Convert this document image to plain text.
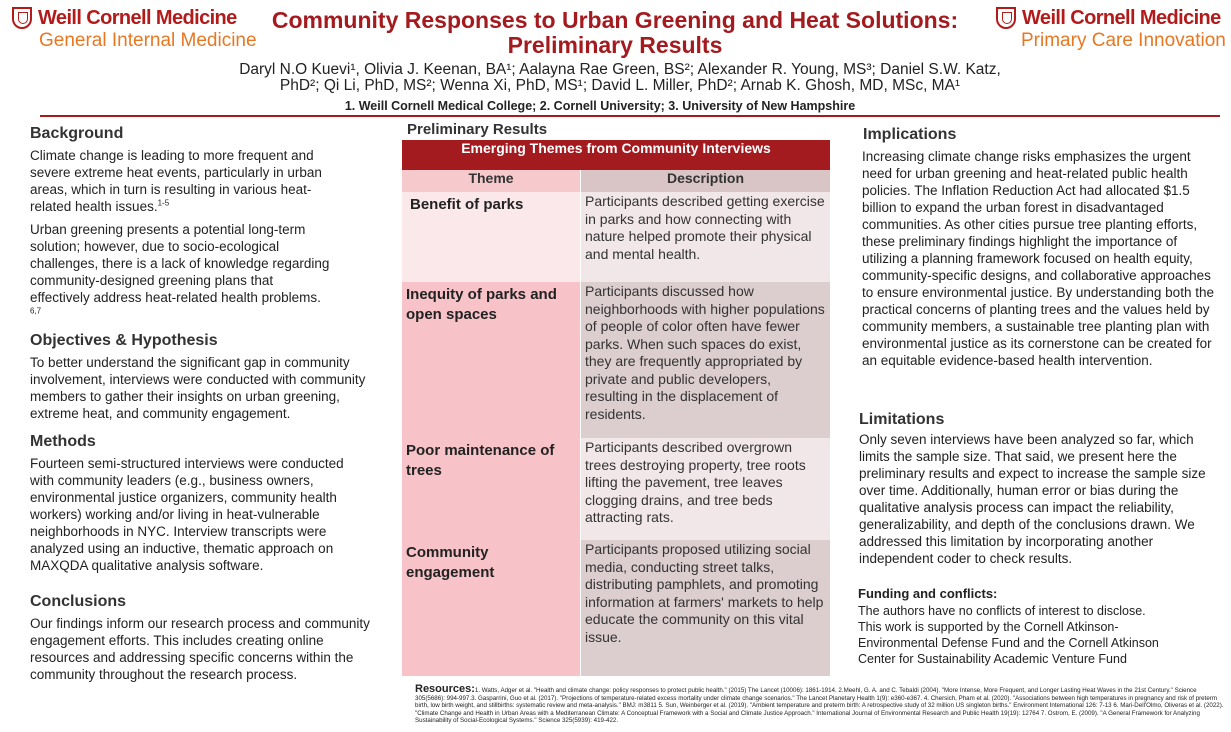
Weill Cornell Medicine
General Internal Medicine
Weill Cornell Medicine
Primary Care Innovation
Community Responses to Urban Greening and Heat Solutions:
Preliminary Results
Daryl N.O Kuevi¹, Olivia J. Keenan, BA¹; Aalayna Rae Green, BS²; Alexander R. Young, MS³; Daniel S.W. Katz,
PhD²; Qi Li, PhD, MS²; Wenna Xi, PhD, MS¹; David L. Miller, PhD²; Arnab K. Ghosh, MD, MSc, MA¹
1. Weill Cornell Medical College; 2. Cornell University; 3. University of New Hampshire
Background
Climate change is leading to more frequent and severe extreme heat events, particularly in urban areas, which in turn is resulting in various heat-related health issues.$^{1-5}$
Urban greening presents a potential long-term solution; however, due to socio-ecological challenges, there is a lack of knowledge regarding community-designed greening plans that effectively address heat-related health problems. $^{6,7}$
Objectives & Hypothesis
To better understand the significant gap in community involvement, interviews were conducted with community members to gather their insights on urban greening, extreme heat, and community engagement.
Methods
Fourteen semi-structured interviews were conducted with community leaders (e.g., business owners, environmental justice organizers, community health workers) working and/or living in heat-vulnerable neighborhoods in NYC. Interview transcripts were analyzed using an inductive, thematic approach on MAXQDA qualitative analysis software.
Conclusions
Our findings inform our research process and community engagement efforts. This includes creating online resources and addressing specific concerns within the community throughout the research process.
Preliminary Results
Emerging Themes from Community Interviews	
Theme	Description

Benefit of parks	Participants described getting exercise in parks and how connecting with nature helped promote their physical and mental health.

Inequity of parks and open spaces	Participants discussed how neighborhoods with higher populations of people of color often have fewer parks. When such spaces do exist, they are frequently appropriated by private and public developers, resulting in the displacement of residents.

Poor maintenance of trees	Participants described overgrown trees destroying property, tree roots lifting the pavement, tree leaves clogging drains, and tree beds attracting rats.

Community engagement	Participants proposed utilizing social media, conducting street talks, distributing pamphlets, and promoting information at farmers' markets to help educate the community on this vital issue.
Implications
Increasing climate change risks emphasizes the urgent need for urban greening and heat-related public health policies. The Inflation Reduction Act had allocated $1.5 billion to expand the urban forest in disadvantaged communities. As other cities pursue tree planting efforts, these preliminary findings highlight the importance of utilizing a planning framework focused on health equity, community-specific designs, and collaborative approaches to ensure environmental justice. By understanding both the practical concerns of planting trees and the values held by community members, a sustainable tree planting plan with environmental justice as its cornerstone can be created for an equitable evidence-based health intervention.
Limitations
Only seven interviews have been analyzed so far, which limits the sample size. That said, we present here the preliminary results and expect to increase the sample size over time. Additionally, human error or bias during the qualitative analysis process can impact the reliability, generalizability, and depth of the conclusions drawn. We addressed this limitation by incorporating another independent coder to check results.
Funding and conflicts:
The authors have no conflicts of interest to disclose.
This work is supported by the Cornell Atkinson-Environmental Defense Fund and the Cornell Atkinson Center for Sustainability Academic Venture Fund
Resources:1. Watts, Adger et al. "Health and climate change: policy responses to protect public health." (2015) The Lancet (10006): 1861-1914. 2.Meehl, G. A. and C. Tebaldi (2004). "More Intense, More Frequent, and Longer Lasting Heat Waves in the 21st Century." Science 305(5686): 994-997.3. Gasparrini, Guo et al. (2017). "Projections of temperature-related excess mortality under climate change scenarios." The Lancet Planetary Health 1(9): e360-e367. 4. Chersich, Pham et al. (2020). "Associations between high temperatures in pregnancy and risk of preterm birth, low birth weight, and stillbirths: systematic review and meta-analysis." BMJ: m3811 5. Sun, Weinberger et al. (2019). "Ambient temperature and preterm birth: A retrospective study of 32 million US singleton births." Environment International 126: 7-13 6. Mari-Dell'Olmo, Oliveras et al. (2022). "Climate Change and Health in Urban Areas with a Mediterranean Climate: A Conceptual Framework with a Social and Climate Justice Approach." International Journal of Environmental Research and Public Health 19(19): 12764 7. Ostrom, E. (2009). "A General Framework for Analyzing Sustainability of Social-Ecological Systems." Science 325(5939): 419-422.
